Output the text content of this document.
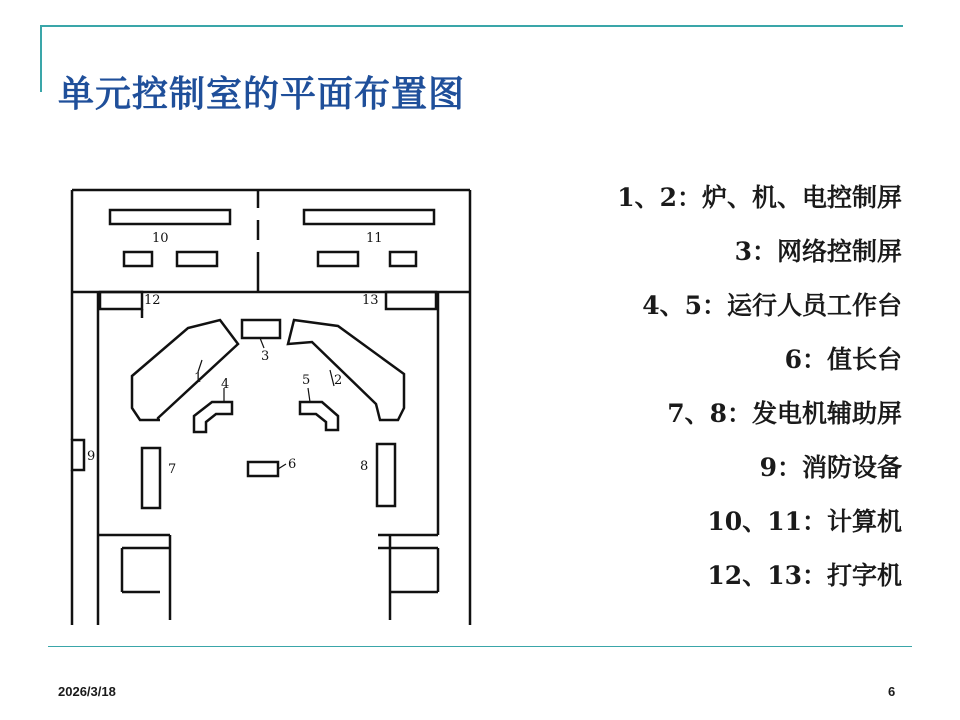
单元控制室的平面布置图
10	11
12	13
3
1	2
4	5
6
7	8
9
1、2：炉、机、电控制屏
3：网络控制屏
4、5：运行人员工作台
6：值长台
7、8：发电机辅助屏
9：消防设备
10、11：计算机
12、13：打字机
2026/3/18	6
